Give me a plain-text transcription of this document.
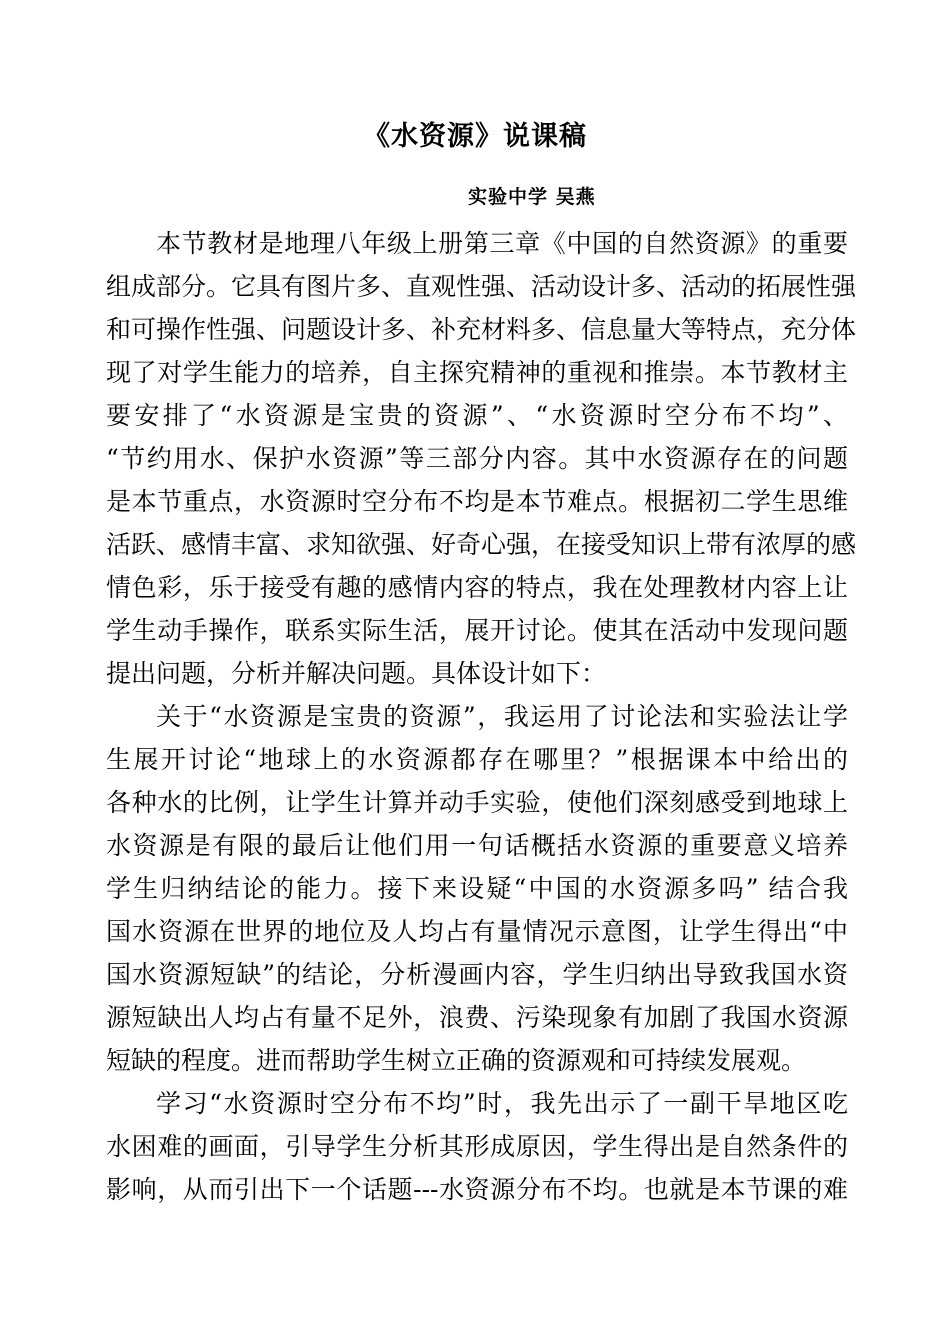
《水资源》说课稿
实验中学 吴燕
本节教材是地理八年级上册第三章《中国的自然资源》的重要
组成部分。它具有图片多、直观性强、活动设计多、活动的拓展性强
和可操作性强、问题设计多、补充材料多、信息量大等特点，充分体
现了对学生能力的培养，自主探究精神的重视和推崇。本节教材主
要安排了“水资源是宝贵的资源”、“水资源时空分布不均”、
“节约用水、保护水资源”等三部分内容。其中水资源存在的问题
是本节重点，水资源时空分布不均是本节难点。根据初二学生思维
活跃、感情丰富、求知欲强、好奇心强，在接受知识上带有浓厚的感
情色彩，乐于接受有趣的感情内容的特点，我在处理教材内容上让
学生动手操作，联系实际生活，展开讨论。使其在活动中发现问题
提出问题，分析并解决问题。具体设计如下：
关于“水资源是宝贵的资源”，我运用了讨论法和实验法让学
生展开讨论“地球上的水资源都存在哪里？”根据课本中给出的
各种水的比例，让学生计算并动手实验，使他们深刻感受到地球上
水资源是有限的最后让他们用一句话概括水资源的重要意义培养
学生归纳结论的能力。接下来设疑“中国的水资源多吗” 结合我
国水资源在世界的地位及人均占有量情况示意图，让学生得出“中
国水资源短缺”的结论，分析漫画内容，学生归纳出导致我国水资
源短缺出人均占有量不足外，浪费、污染现象有加剧了我国水资源
短缺的程度。进而帮助学生树立正确的资源观和可持续发展观。
学习“水资源时空分布不均”时，我先出示了一副干旱地区吃
水困难的画面，引导学生分析其形成原因，学生得出是自然条件的
影响，从而引出下一个话题---水资源分布不均。也就是本节课的难
